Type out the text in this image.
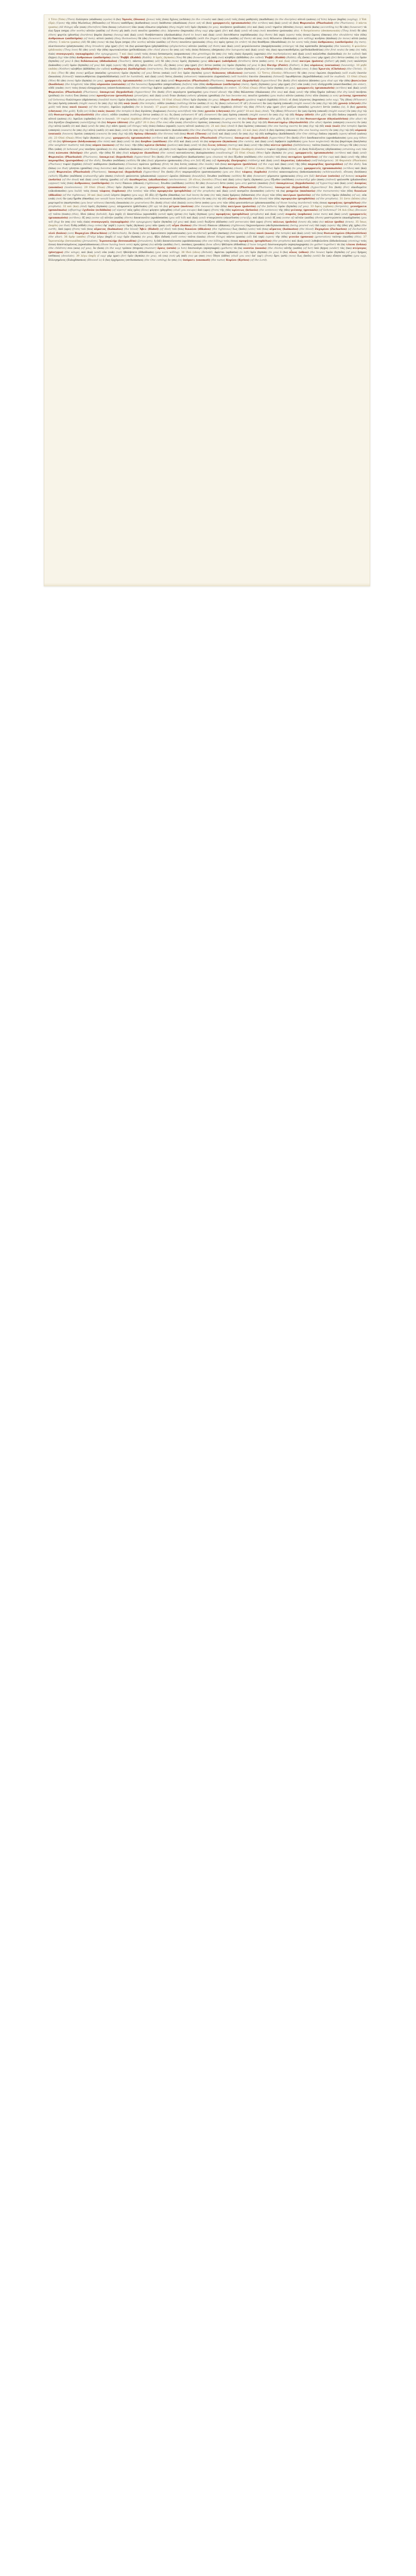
1 Τότε (Tote) (Then) ἐλάλησεν (elalēsen) (spoke) ὁ (ho) Ἰησοῦς (Iēsous) (Jesus) τοῖς (tois) ὄχλοις (ochlois) (to the crowds) καὶ (kai) (and) τοῖς (tois) μαθηταῖς (mathētais) (to the disciples) αὐτοῦ (autou) (of him) λέγων (legōn) (saying), 2 Ἐπὶ (Epi) (Upon) τῆς (tēs) Μωϋσέως (Mōuseōs) (of Moses) καθέδρας (kathedras) (seat) ἐκάθισαν (ekathisan) (have sat) οἱ (hoi) γραμματεῖς (grammateis) (the scribes) καὶ (kai) (and) οἱ (hoi) Φαρισαῖοι (Pharisaioi) (the Pharisees). 3 πάντα (panta) (All things) οὖν (oun) (therefore) ὅσα (hosa) (whatever) ἐὰν (ean) εἴπωσιν (eipōsin) (they might tell) ὑμῖν (hymin) (to you), ποιήσατε (poiēsate) (do) καὶ (kai) (and) τηρεῖτε (tēreite) (keep); κατὰ (kata) (according to) δὲ (de) (however) τὰ (ta) ἔργα (erga) (the works) αὐτῶν (autōn) (of them) μὴ (mē) (not) ποιεῖτε (poieite) (do); λέγουσιν (legousin) (they say) γὰρ (gar) (for) καὶ (kai) (and) οὐ (ou) (not) ποιοῦσιν (poiousin) (do). 4 δεσμεύουσιν (desmeuousin) (They bind) δὲ (de) (then) φορτία (phortia) (burdens) βαρέα (barea) (heavy) καὶ (kai) (and) δυσβάστακτα (dysbastakta) (hard to bear) καὶ (kai) (and) ἐπιτιθέασιν (epititheasin) (lay them) ἐπὶ (epi) (upon) τοὺς (tous) ὤμους (ōmous) (the shoulders) τῶν (tōn) ἀνθρώπων (anthrōpōn) (of men); αὐτοὶ (autoi) (they themselves) δὲ (de) (however) τῷ (tō) δακτύλῳ (daktylō) (with the finger) αὐτῶν (autōn) (of them) οὐ (ou) (not) θέλουσιν (thelousin) (are willing) κινῆσαι (kinēsai) (to move) αὐτά (auta) (them). 5 πάντα (panta) (All) δὲ (de) (now) τὰ (ta) ἔργα (erga) (the works) αὐτῶν (autōn) (of them) ποιοῦσιν (poiousin) (they do) πρὸς (pros) (in order) τὸ (to) θεαθῆναι (theathēnai) (to be seen) τοῖς (tois) ἀνθρώποις (anthrōpois) (by men); πλατύνουσιν (platynousin) (they broaden) γὰρ (gar) (for) τὰ (ta) φυλακτήρια (phylaktēria) (phylacteries) αὐτῶν (autōn) (of them) καὶ (kai) (and) μεγαλύνουσιν (megalynousin) (enlarge) τὰ (ta) κράσπεδα (kraspeda) (the tassels); 6 φιλοῦσιν (philousin) (They love) δὲ (de) (and) τὴν (tēn) πρωτοκλισίαν (prōtoklisian) (the chief place) ἐν (en) (at) τοῖς (tois) δείπνοις (deipnois) (the banquets) καὶ (kai) (and) τὰς (tas) πρωτοκαθεδρίας (prōtokathedrias) (the first seats) ἐν (en) (in) ταῖς (tais) συναγωγαῖς (synagōgais) (the synagogues), 7 καὶ (kai) (and) τοὺς (tous) ἀσπασμοὺς (aspasmous) (the greetings) ἐν (en) (in) ταῖς (tais) ἀγοραῖς (agorais) (the marketplaces) καὶ (kai) (and) καλεῖσθαι (kaleisthai) (to be called) ὑπὸ (hypo) (by) τῶν (tōn) ἀνθρώπων (anthrōpōn) (men) Ῥαββί (Rabbi) (Rabbi). 8 ὑμεῖς (hymeis) (You) δὲ (de) (however) μὴ (mē) (not) κληθῆτε (klēthēte) (be called) Ῥαββί (Rabbi) (Rabbi); εἷς (heis) (one) γάρ (gar) (for) ἐστιν (estin) (is) ὑμῶν (hymōn) (of you) ὁ (ho) διδάσκαλος (didaskalos) (Teacher), πάντες (pantes) (all) δὲ (de) (now) ὑμεῖς (hymeis) (you) ἀδελφοί (adelphoi) (brothers) ἐστε (este) (are). 9 καὶ (kai) (And) πατέρα (patera) (father) μὴ (mē) (not) καλέσητε (kalesēte) (call) ὑμῶν (hymōn) (of you) ἐπὶ (epi) (upon) τῆς (tēs) γῆς (gēs) (the earth); εἷς (heis) (one) γάρ (gar) (for) ἐστιν (estin) (is) ὑμῶν (hymōn) (of you) ὁ (ho) Πατὴρ (Patēr) (Father), ὁ (ho) οὐράνιος (ouranios) (heavenly). 10 μηδὲ (mēde) (Neither) κληθῆτε (klēthēte) (be called) καθηγηταί (kathēgētai) (instructors), ὅτι (hoti) (for) καθηγητὴς (kathēgētēs) (Instructor) ὑμῶν (hymōn) (of you) ἐστιν (estin) (is) εἷς (heis) (one), ὁ (ho) Χριστός (Christos) (the Christ). 11 ὁ (ho) (The) δὲ (de) (now) μείζων (meizōn) (greatest) ὑμῶν (hymōn) (of you) ἔσται (estai) (will be) ὑμῶν (hymōn) (your) διάκονος (diakonos) (servant). 12 Ὅστις (Hostis) (Whoever) δὲ (de) (now) ὑψώσει (hypsōsei) (will exalt) ἑαυτὸν (heauton) (himself) ταπεινωθήσεται (tapeinōthēsetai) (will be humbled), καὶ (kai) (and) ὅστις (hostis) (whoever) ταπεινώσει (tapeinōsei) (will humble) ἑαυτὸν (heauton) (himself) ὑψωθήσεται (hypsōthēsetai) (will be exalted). 13 Οὐαὶ (Ouai) (Woe) δὲ (de) (now) ὑμῖν (hymin) (to you), γραμματεῖς (grammateis) (scribes) καὶ (kai) (and) Φαρισαῖοι (Pharisaioi) (Pharisees), ὑποκριταί (hypokritai) (hypocrites)! ὅτι (hoti) (For) κλείετε (kleiete) (you shut up) τὴν (tēn) βασιλείαν (basileian) (the kingdom) τῶν (tōn) οὐρανῶν (ouranōn) (of the heavens) ἔμπροσθεν (emprosthen) (before) τῶν (tōn) ἀνθρώπων (anthrōpōn) (men); ὑμεῖς (hymeis) (you) γὰρ (gar) (for) οὐκ (ouk) (not) εἰσέρχεσθε (eiserchesthe) (do enter), οὐδὲ (oude) (nor) τοὺς (tous) εἰσερχομένους (eiserchomenous) (those entering) ἀφίετε (aphiete) (do you allow) εἰσελθεῖν (eiselthein) (to enter). 15 Οὐαὶ (Ouai) (Woe) ὑμῖν (hymin) (to you), γραμματεῖς (grammateis) (scribes) καὶ (kai) (and) Φαρισαῖοι (Pharisaioi) (Pharisees), ὑποκριταί (hypokritai) (hypocrites)! ὅτι (hoti) (For) περιάγετε (periagete) (you travel about) τὴν (tēn) θάλασσαν (thalassan) (the sea) καὶ (kai) (and) τὴν (tēn) ξηρὰν (xēran) (the dry land) ποιῆσαι (poiēsai) (to make) ἕνα (hena) (one) προσήλυτον (prosēlyton) (proselyte), καὶ (kai) (and) ὅταν (hotan) (when) γένηται (genētai) (he has become so), ποιεῖτε (poieite) (you make) αὐτὸν (auton) (him) υἱὸν (huion) (a son) γεέννης (geennēs) (of Gehenna) διπλότερον (diploteron) (twofold more) ὑμῶν (hymōn) (than yourselves). 16 Οὐαὶ (Ouai) (Woe) ὑμῖν (hymin) (to you), ὁδηγοὶ (hodēgoi) (guides) τυφλοὶ (typhloi) (blind), οἱ (hoi) λέγοντες (legontes) (who say), Ὃς (Hos) (Whoever) ἂν (an) ὀμόσῃ (omosē) (might swear) ἐν (en) (by) τῷ (tō) ναῷ (naō) (the temple), οὐδέν (ouden) (nothing) ἐστιν (estin) (it is); ὃς (hos) (whoever) δ’ (d’) (however) ἂν (an) ὀμόσῃ (omosē) (might swear) ἐν (en) (by) τῷ (tō) χρυσῷ (chrysō) (the gold) τοῦ (tou) ναοῦ (naou) (of the temple), ὀφείλει (opheilei) (he is bound). 17 μωροὶ (mōroi) (Fools) καὶ (kai) (and) τυφλοί (typhloi) (blind)! τίς (tis) (Which) γὰρ (gar) (for) μείζων (meizōn) (greater) ἐστίν (estin) (is), ὁ (ho) χρυσὸς (chrysos) (the gold), ἢ (ē) (or) ὁ (ho) ναὸς (naos) (the temple) ὁ (ho) ἁγιάσας (hagiasas) (having sanctified) τὸν (ton) χρυσόν (chryson) (the gold)? 18 καί (kai) (And), Ὃς (Hos) (Whoever) ἂν (an) ὀμόσῃ (omosē) (might swear) ἐν (en) (by) τῷ (tō) θυσιαστηρίῳ (thysiastēriō) (the altar), οὐδέν (ouden) (nothing) ἐστιν (estin) (it is); ὃς (hos) (whoever) δ’ (d’) (however) ἂν (an) ὀμόσῃ (omosē) (might swear) ἐν (en) (by) τῷ (tō) δώρῳ (dōrō) (the gift) τῷ (tō) ἐπάνω (epanō) (upon) αὐτοῦ (autou) (it), ὀφείλει (opheilei) (he is bound). 19 τυφλοί (typhloi) (Blind ones)! τί (ti) (Which) γὰρ (gar) (for) μεῖζον (meizon) (is greater), τὸ (to) δῶρον (dōron) (the gift), ἢ (ē) (or) τὸ (to) θυσιαστήριον (thysiastērion) (the altar) τὸ (to) ἁγιάζον (hagiazon) (sanctifying) τὸ (to) δῶρον (dōron) (the gift)? 20 ὁ (ho) (The one) οὖν (oun) (therefore) ὀμόσας (omosas) (having sworn) ἐν (en) (by) τῷ (tō) θυσιαστηρίῳ (thysiastēriō) (the altar) ὀμνύει (omnyei) (swears) ἐν (en) (by) αὐτῷ (autō) (it) καὶ (kai) (and) ἐν (en) (by) πᾶσι (pasi) (all things) τοῖς (tois) ἐπάνω (epanō) (upon) αὐτοῦ (autou) (it). 21 καὶ (kai) (And) ὁ (ho) ὀμόσας (omosas) (the one having sworn) ἐν (en) (by) τῷ (tō) ναῷ (naō) (the temple) ὀμνύει (omnyei) (swears) ἐν (en) (by) αὐτῷ (autō) (it) καὶ (kai) (and) ἐν (en) (by) τῷ (tō) κατοικοῦντι (katoikounti) (the One dwelling in) αὐτόν (auton) (it). 22 καὶ (kai) (And) ὁ (ho) ὀμόσας (omosas) (the one having sworn) ἐν (en) (by) τῷ (tō) οὐρανῷ (ouranō) (heaven) ὀμνύει (omnyei) (swears) ἐν (en) (by) τῷ (tō) θρόνῳ (thronō) (the throne) τοῦ (tou) Θεοῦ (Theou) (of God) καὶ (kai) (and) ἐν (en) (by) τῷ (tō) καθημένῳ (kathēmenō) (the One sitting) ἐπάνω (epanō) (upon) αὐτοῦ (autou) (it). 23 Οὐαὶ (Ouai) (Woe) ὑμῖν (hymin) (to you), γραμματεῖς (grammateis) (scribes) καὶ (kai) (and) Φαρισαῖοι (Pharisaioi) (Pharisees), ὑποκριταί (hypokritai) (hypocrites)! ὅτι (hoti) (For) ἀποδεκατοῦτε (apodekatoute) (you pay tithes of) τὸ (to) ἡδύοσμον (hēdyosmon) (the mint) καὶ (kai) (and) τὸ (to) ἄνηθον (anēthon) (the dill) καὶ (kai) (and) τὸ (to) κύμινον (kyminon) (the cumin), καὶ (kai) (and) ἀφήκατε (aphēkate) (you have neglected) τὰ (ta) βαρύτερα (barytera) (the weightier matters) τοῦ (tou) νόμου (nomou) (of the law): τὴν (tēn) κρίσιν (krisin) (justice) καὶ (kai) (and) τὸ (to) ἔλεος (eleos) (mercy) καὶ (kai) (and) τὴν (tēn) πίστιν (pistin) (faithfulness); ταῦτα (tauta) (these things) δὲ (de) (now) ἔδει (edei) (it behoved you) ποιῆσαι (poiēsai) (to do), κἀκεῖνα (kakeina) (and those) μὴ (mē) (not) ἀφιέναι (aphienai) (to be neglecting). 24 ὁδηγοὶ (hodēgoi) (Guides) τυφλοί (typhloi) (blind), οἱ (hoi) διϋλίζοντες (diylizontes) (straining out) τὸν (ton) κώνωπα (kōnōpa) (the gnat), τὴν (tēn) δὲ (de) (but) κάμηλον (kamēlon) (the camel) καταπίνοντες (katapinontes) (swallowing)! 25 Οὐαὶ (Ouai) (Woe) ὑμῖν (hymin) (to you), γραμματεῖς (grammateis) (scribes) καὶ (kai) (and) Φαρισαῖοι (Pharisaioi) (Pharisees), ὑποκριταί (hypokritai) (hypocrites)! ὅτι (hoti) (For) καθαρίζετε (katharizete) (you cleanse) τὸ (to) ἔξωθεν (exōthen) (the outside) τοῦ (tou) ποτηρίου (potēriou) (of the cup) καὶ (kai) (and) τῆς (tēs) παροψίδος (paropsidos) (of the dish), ἔσωθεν (esōthen) (within) δὲ (de) (but) γέμουσιν (gemousin) (they are full) ἐξ (ex) (of) ἁρπαγῆς (harpagēs) (robbery) καὶ (kai) (and) ἀκρασίας (akrasias) (self-indulgence). 26 Φαρισαῖε (Pharisaie) (Pharisee) τυφλέ (typhle) (blind)! καθάρισον (katharison) (Cleanse) πρῶτον (prōton) (first) τὸ (to) ἐντὸς (entos) (the inside) τοῦ (tou) ποτηρίου (potēriou) (of the cup) καὶ (kai) (and) τῆς (tēs) παροψίδος (paropsidos) (of the dish), ἵνα (hina) (so that) γένηται (genētai) (may become) καὶ (kai) (also) τὸ (to) ἐκτὸς (ektos) (the outside) αὐτοῦ (autou) (of it) καθαρόν (katharon) (clean). 27 Οὐαὶ (Ouai) (Woe) ὑμῖν (hymin) (to you), γραμματεῖς (grammateis) (scribes) καὶ (kai) (and) Φαρισαῖοι (Pharisaioi) (Pharisees), ὑποκριταί (hypokritai) (hypocrites)! ὅτι (hoti) (For) παρομοιάζετε (paromoiazete) (you are like) τάφοις (taphois) (tombs) κεκονιαμένοις (kekoniamenois) (whitewashed), οἵτινες (hoitines) (which) ἔξωθεν (exōthen) (outwardly) μὲν (men) (indeed) φαίνονται (phainontai) (appear) ὡραῖοι (hōraioi) (beautiful), ἔσωθεν (esōthen) (within) δὲ (de) (however) γέμουσιν (gemousin) (they are full) ὀστέων (osteōn) (of bones) νεκρῶν (nekrōn) (of the dead) καὶ (kai) (and) πάσης (pasēs) (of all) ἀκαθαρσίας (akatharsias) (uncleanness). 28 οὕτως (houtōs) (Thus) καὶ (kai) (also) ὑμεῖς (hymeis) (you) ἔξωθεν (exōthen) (outwardly) μὲν (men) (indeed) φαίνεσθε (phainesthe) (appear) τοῖς (tois) ἀνθρώποις (anthrōpois) (to men) δίκαιοι (dikaioi) (righteous), ἔσωθεν (esōthen) (within) δέ (de) (however) ἐστε (este) (you are) μεστοὶ (mestoi) (full) ὑποκρίσεως (hypokriseōs) (of hypocrisy) καὶ (kai) (and) ἀνομίας (anomias) (lawlessness). 29 Οὐαὶ (Ouai) (Woe) ὑμῖν (hymin) (to you), γραμματεῖς (grammateis) (scribes) καὶ (kai) (and) Φαρισαῖοι (Pharisaioi) (Pharisees), ὑποκριταί (hypokritai) (hypocrites)! ὅτι (hoti) (For) οἰκοδομεῖτε (oikodomeite) (you build) τοὺς (tous) τάφους (taphous) (the tombs) τῶν (tōn) προφητῶν (prophētōn) (of the prophets) καὶ (kai) (and) κοσμεῖτε (kosmeite) (adorn) τὰ (ta) μνημεῖα (mnēmeia) (the monuments) τῶν (tōn) δικαίων (dikaiōn) (of the righteous), 30 καὶ (kai) (and) λέγετε (legete) (you say), Εἰ (Ei) (If) ἤμεθα (ēmetha) (we had been) ἐν (en) (in) ταῖς (tais) ἡμέραις (hēmerais) (the days) τῶν (tōn) πατέρων (paterōn) (of the fathers) ἡμῶν (hēmōn) (of us), οὐκ (ouk) (not) ἂν (an) ἤμεθα (ēmetha) (we would have been) αὐτῶν (autōn) (with them) κοινωνοὶ (koinōnoi) (partakers) ἐν (en) (in) τῷ (tō) αἵματι (haimati) (the blood) τῶν (tōn) προφητῶν (prophētōn) (of the prophets). 31 ὥστε (hōste) (So) μαρτυρεῖτε (martyreite) (you bear witness) ἑαυτοῖς (heautois) (to yourselves) ὅτι (hoti) (that) υἱοί (huioi) (sons) ἐστε (este) (you are) τῶν (tōn) φονευσάντων (phoneusantōn) (of those having murdered) τοὺς (tous) προφήτας (prophētas) (the prophets). 32 καὶ (kai) (And) ὑμεῖς (hymeis) (you), πληρώσατε (plērōsate) (fill up) τὸ (to) μέτρον (metron) (the measure) τῶν (tōn) πατέρων (paterōn) (of the fathers) ὑμῶν (hymōn) (of you). 33 ὄφεις (opheis) (Serpents), γεννήματα (gennēmata) (offspring) ἐχιδνῶν (echidnōn) (of vipers)! πῶς (pōs) (How) φύγητε (phygēte) (shall you escape) ἀπὸ (apo) (from) τῆς (tēs) κρίσεως (kriseōs) (the sentence) τῆς (tēs) γεέννης (geennēs) (of Gehenna)? 34 Διὰ (Dia) (Because of) τοῦτο (touto) (this), ἰδοὺ (idou) (behold), ἐγὼ (egō) (I) ἀποστέλλω (apostellō) (send) πρὸς (pros) (to) ὑμᾶς (hymas) (you) προφήτας (prophētas) (prophets) καὶ (kai) (and) σοφοὺς (sophous) (wise men) καὶ (kai) (and) γραμματεῖς (grammateis) (scribes); ἐξ (ex) (some of) αὐτῶν (autōn) (them) ἀποκτενεῖτε (apokteneite) (you will kill) καὶ (kai) (and) σταυρώσετε (staurōsete) (crucify), καὶ (kai) (and) ἐξ (ex) (some of) αὐτῶν (autōn) (them) μαστιγώσετε (mastigōsete) (you will flog) ἐν (en) (in) ταῖς (tais) συναγωγαῖς (synagōgais) (the synagogues) ὑμῶν (hymōn) (of you) καὶ (kai) (and) διώξετε (diōxete) (will persecute) ἀπὸ (apo) (from) πόλεως (poleōs) (town) εἰς (eis) (to) πόλιν (polin) (town), 35 ὅπως (hopōs) (so that) ἔλθῃ (elthē) (may come) ἐφ’ (eph’) (upon) ὑμᾶς (hymas) (you) πᾶν (pan) (all) αἷμα (haima) (the blood) δίκαιον (dikaion) (righteous) ἐκχυννόμενον (ekchynnomenon) (being poured out) ἐπὶ (epi) (upon) τῆς (tēs) γῆς (gēs) (the earth), ἀπὸ (apo) (from) τοῦ (tou) αἵματος (haimatos) (the blood) Ἅβελ (Habel) (of Abel) τοῦ (tou) δικαίου (dikaiou) (the righteous) ἕως (heōs) (unto) τοῦ (tou) αἵματος (haimatos) (the blood) Ζαχαρίου (Zachariou) (of Zechariah) υἱοῦ (huiou) (son) Βαραχίου (Barachiou) (of Berechiah), ὃν (hon) (whom) ἐφονεύσατε (ephoneusate) (you murdered) μεταξὺ (metaxy) (between) τοῦ (tou) ναοῦ (naou) (the temple) καὶ (kai) (and) τοῦ (tou) θυσιαστηρίου (thysiastēriou) (the altar). 36 ἀμὴν (amēn) (Truly) λέγω (legō) (I say) ὑμῖν (hymin) (to you), ἥξει (hēxei) (will come) ταῦτα (tauta) (these things) πάντα (panta) (all) ἐπὶ (epi) (upon) τὴν (tēn) γενεὰν (genean) (generation) ταύτην (tautēn) (this). 37 Ἰερουσαλὴμ (Ierousalēm) (Jerusalem), Ἰερουσαλήμ (Ierousalēm) (Jerusalem), ἡ (hē) ἀποκτείνουσα (apokteinousa) (the one killing) τοὺς (tous) προφήτας (prophētas) (the prophets) καὶ (kai) (and) λιθοβολοῦσα (lithobolousa) (stoning) τοὺς (tous) ἀπεσταλμένους (apestalmenous) (those having been sent) πρὸς (pros) (to) αὐτήν (autēn) (her), ποσάκις (posakis) (how often) ἠθέλησα (ēthelēsa) (I have longed) ἐπισυναγαγεῖν (episynagagein) (to gather together) τὰ (ta) τέκνα (tekna) (the children) σου (sou) (of you), ὃν (hon) (in the way) τρόπον (tropon) (manner) ὄρνις (ornis) (a hen) ἐπισυνάγει (episynagei) (gathers) τὰ (ta) νοσσία (nossia) (the chicks) αὐτῆς (autēs) (of her) ὑπὸ (hypo) (under) τὰς (tas) πτέρυγας (pterygas) (the wings), καὶ (kai) (and) οὐκ (ouk) (not) ἠθελήσατε (ēthelēsate) (you were willing). 38 ἰδοὺ (idou) (Behold), ἀφίεται (aphietai) (is left) ὑμῖν (hymin) (to you) ὁ (ho) οἶκος (oikos) (the house) ὑμῶν (hymōn) (of you) ἔρημος (erēmos) (desolate). 39 λέγω (legō) (I say) γὰρ (gar) (for) ὑμῖν (hymin) (to you), οὐ (ou) (not) μή (mē) (no) με (me) (me) ἴδητε (idēte) (shall you see) ἀπ’ (ap’) (from) ἄρτι (arti) (now) ἕως (heōs) (until) ἂν (an) εἴπητε (eipēte) (you say), Εὐλογημένος (Eulogēmenos) (Blessed is) ὁ (ho) ἐρχόμενος (erchomenos) (the One coming) ἐν (en) (in) ὀνόματι (onomati) (the name) Κυρίου (Kyriou) (of the Lord).
